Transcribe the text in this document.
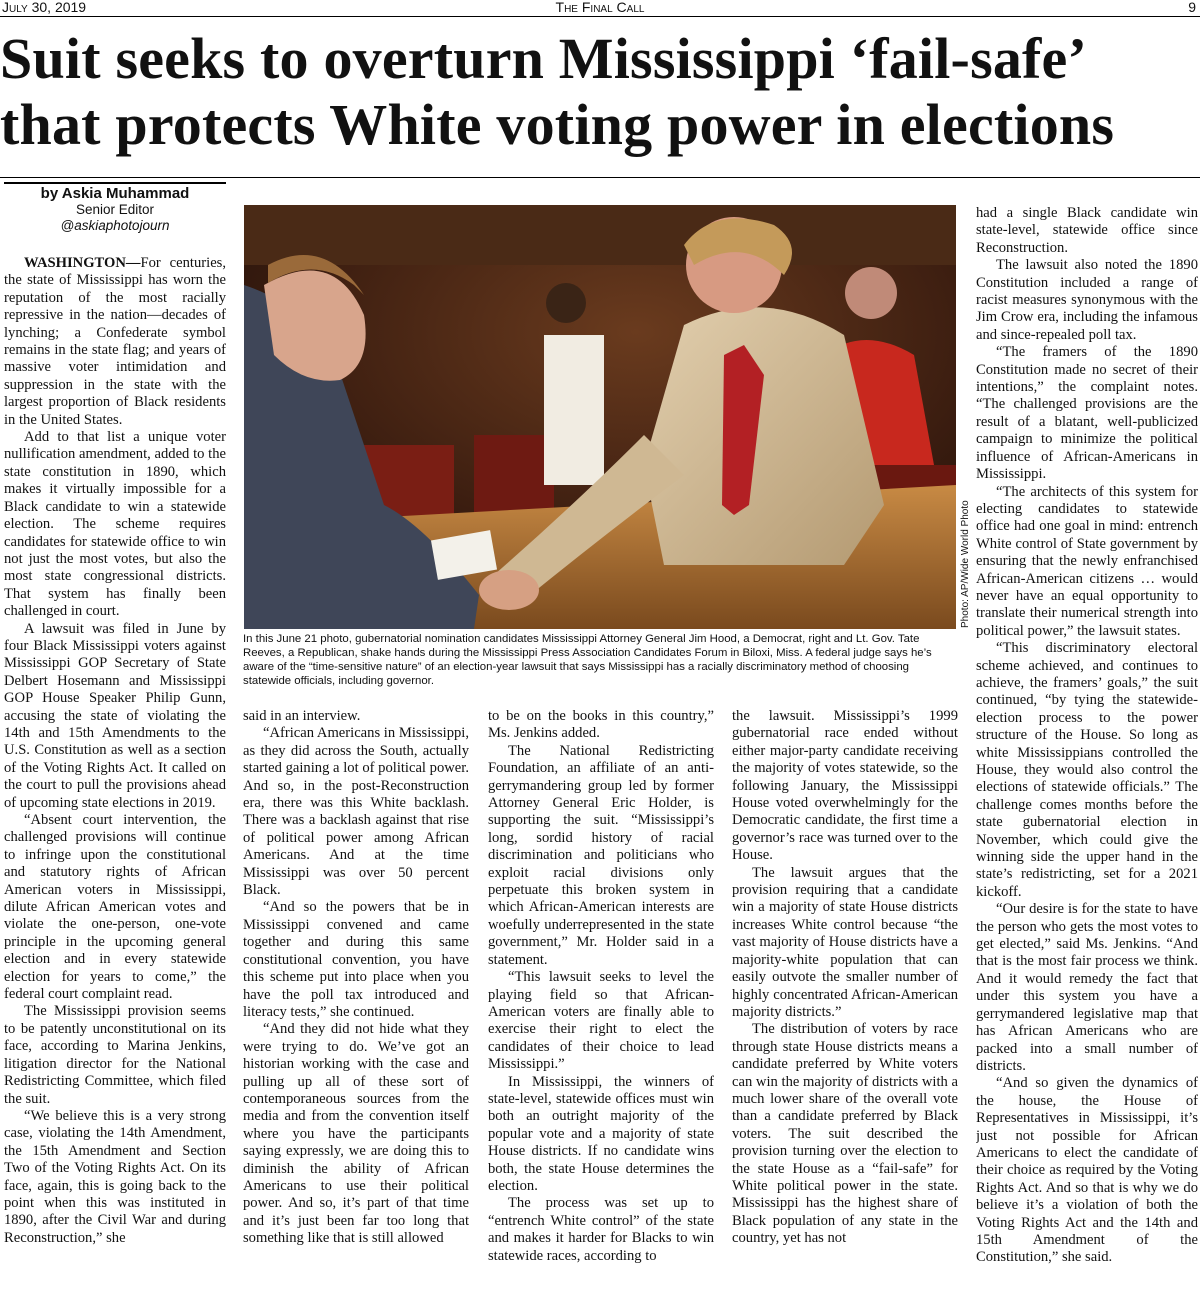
July 30, 2019	The Final Call	9
Suit seeks to overturn Mississippi ‘fail-safe’
that protects White voting power in elections
by Askia Muhammad
Senior Editor
@askiaphotojourn

WASHINGTON—For centuries, the state of Mississippi has worn the reputation of the most racially repressive in the nation—decades of lynching; a Confederate symbol remains in the state flag; and years of massive voter intimidation and suppression in the state with the largest proportion of Black residents in the United States.

Add to that list a unique voter nullification amendment, added to the state constitution in 1890, which makes it virtually impossible for a Black candidate to win a statewide election. The scheme requires candidates for statewide office to win not just the most votes, but also the most state congressional districts. That system has finally been challenged in court.

A lawsuit was filed in June by four Black Mississippi voters against Mississippi GOP Secretary of State Delbert Hosemann and Mississippi GOP House Speaker Philip Gunn, accusing the state of violating the 14th and 15th Amendments to the U.S. Constitution as well as a section of the Voting Rights Act. It called on the court to pull the provisions ahead of upcoming state elections in 2019.

“Absent court intervention, the challenged provisions will continue to infringe upon the constitutional and statutory rights of African American voters in Mississippi, dilute African American votes and violate the one-person, one-vote principle in the upcoming general election and in every statewide election for years to come,” the federal court complaint read.

The Mississippi provision seems to be patently unconstitutional on its face, according to Marina Jenkins, litigation director for the National Redistricting Committee, which filed the suit.

“We believe this is a very strong case, violating the 14th Amendment, the 15th Amendment and Section Two of the Voting Rights Act. On its face, again, this is going back to the point when this was instituted in 1890, after the Civil War and during Reconstruction,” she

Photo: AP/Wide World Photo
In this June 21 photo, gubernatorial nomination candidates Mississippi Attorney General Jim Hood, a Democrat, right and Lt. Gov. Tate Reeves, a Republican, shake hands during the Mississippi Press Association Candidates Forum in Biloxi, Miss. A federal judge says he’s aware of the “time-sensitive nature” of an election-year lawsuit that says Mississippi has a racially discriminatory method of choosing statewide officials, including governor.

said in an interview.

“African Americans in Mississippi, as they did across the South, actually started gaining a lot of political power. And so, in the post-Reconstruction era, there was this White backlash. There was a backlash against that rise of political power among African Americans. And at the time Mississippi was over 50 percent Black.

“And so the powers that be in Mississippi convened and came together and during this same constitutional convention, you have this scheme put into place when you have the poll tax introduced and literacy tests,” she continued.

“And they did not hide what they were trying to do. We’ve got an historian working with the case and pulling up all of these sort of contemporaneous sources from the media and from the convention itself where you have the participants saying expressly, we are doing this to diminish the ability of African Americans to use their political power. And so, it’s part of that time and it’s just been far too long that something like that is still allowed

to be on the books in this country,” Ms. Jenkins added.

The National Redistricting Foundation, an affiliate of an anti-gerrymandering group led by former Attorney General Eric Holder, is supporting the suit. “Mississippi’s long, sordid history of racial discrimination and politicians who exploit racial divisions only perpetuate this broken system in which African-American interests are woefully underrepresented in the state government,” Mr. Holder said in a statement.

“This lawsuit seeks to level the playing field so that African-American voters are finally able to exercise their right to elect the candidates of their choice to lead Mississippi.”

In Mississippi, the winners of state-level, statewide offices must win both an outright majority of the popular vote and a majority of state House districts. If no candidate wins both, the state House determines the election.

The process was set up to “entrench White control” of the state and makes it harder for Blacks to win statewide races, according to

the lawsuit. Mississippi’s 1999 gubernatorial race ended without either major-party candidate receiving the majority of votes statewide, so the following January, the Mississippi House voted overwhelmingly for the Democratic candidate, the first time a governor’s race was turned over to the House.

The lawsuit argues that the provision requiring that a candidate win a majority of state House districts increases White control because “the vast majority of House districts have a majority-white population that can easily outvote the smaller number of highly concentrated African-American majority districts.”

The distribution of voters by race through state House districts means a candidate preferred by White voters can win the majority of districts with a much lower share of the overall vote than a candidate preferred by Black voters. The suit described the provision turning over the election to the state House as a “fail-safe” for White political power in the state. Mississippi has the highest share of Black population of any state in the country, yet has not

had a single Black candidate win state-level, statewide office since Reconstruction.

The lawsuit also noted the 1890 Constitution included a range of racist measures synonymous with the Jim Crow era, including the infamous and since-repealed poll tax.

“The framers of the 1890 Constitution made no secret of their intentions,” the complaint notes. “The challenged provisions are the result of a blatant, well-publicized campaign to minimize the political influence of African-Americans in Mississippi.

“The architects of this system for electing candidates to statewide office had one goal in mind: entrench White control of State government by ensuring that the newly enfranchised African-American citizens … would never have an equal opportunity to translate their numerical strength into political power,” the lawsuit states.

“This discriminatory electoral scheme achieved, and continues to achieve, the framers’ goals,” the suit continued, “by tying the statewide-election process to the power structure of the House. So long as white Mississippians controlled the House, they would also control the elections of statewide officials.” The challenge comes months before the state gubernatorial election in November, which could give the winning side the upper hand in the state’s redistricting, set for a 2021 kickoff.

“Our desire is for the state to have the person who gets the most votes to get elected,” said Ms. Jenkins. “And that is the most fair process we think. And it would remedy the fact that under this system you have a gerrymandered legislative map that has African Americans who are packed into a small number of districts.

“And so given the dynamics of the house, the House of Representatives in Mississippi, it’s just not possible for African Americans to elect the candidate of their choice as required by the Voting Rights Act. And so that is why we do believe it’s a violation of both the Voting Rights Act and the 14th and 15th Amendment of the Constitution,” she said.
